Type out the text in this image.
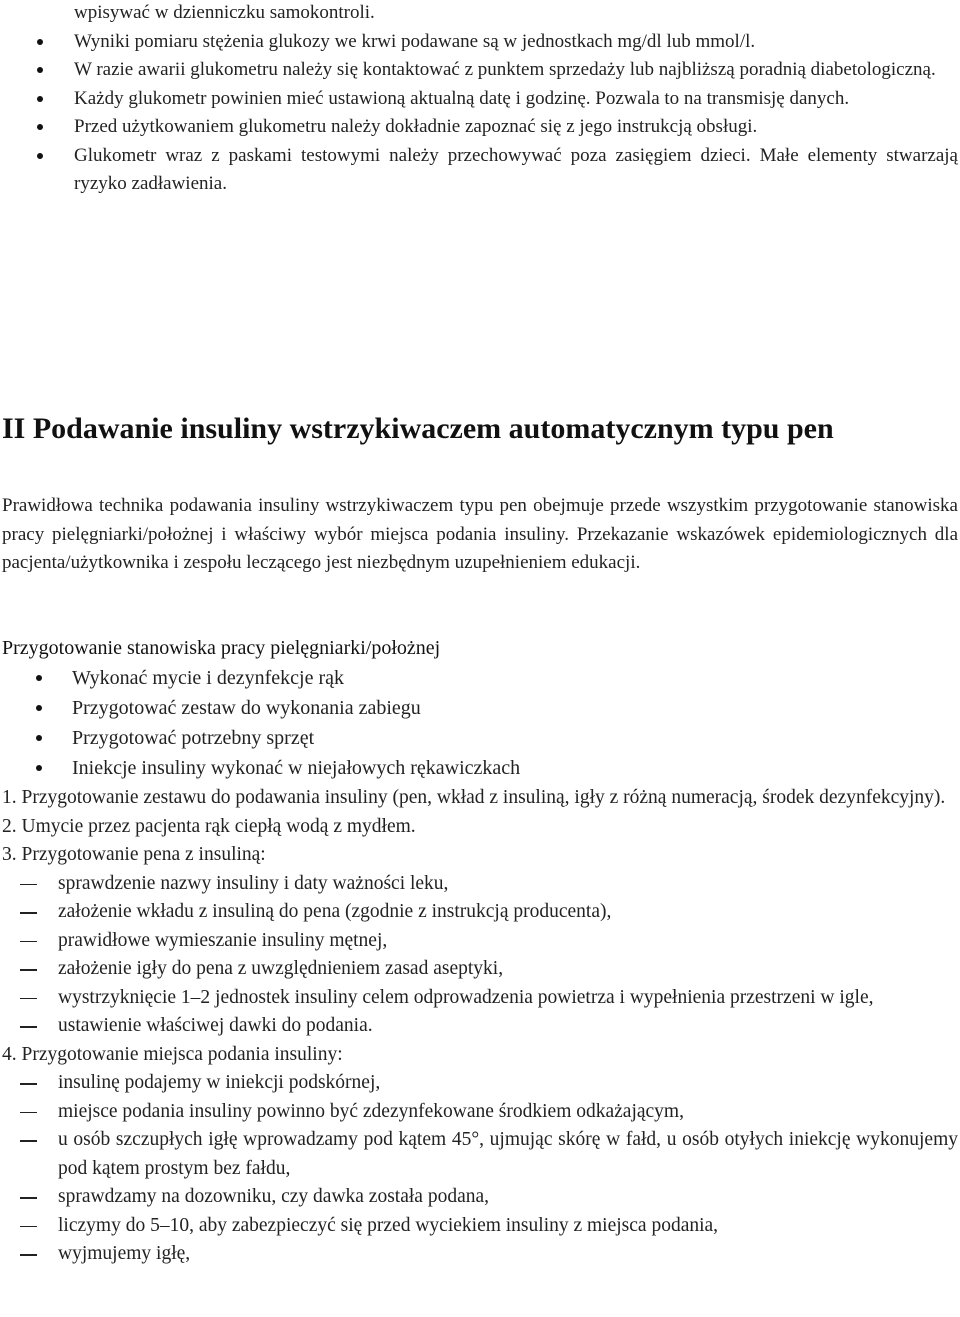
wpisywać w dzienniczku samokontroli.
Wyniki pomiaru stężenia glukozy we krwi podawane są w jednostkach mg/dl lub mmol/l.
W razie awarii glukometru należy się kontaktować z punktem sprzedaży lub najbliższą poradnią diabetologiczną.
Każdy glukometr powinien mieć ustawioną aktualną datę i godzinę. Pozwala to na transmisję danych.
Przed użytkowaniem glukometru należy dokładnie zapoznać się z jego instrukcją obsługi.
Glukometr wraz z paskami testowymi należy przechowywać poza zasięgiem dzieci. Małe elementy stwarzają ryzyko zadławienia.
II Podawanie insuliny wstrzykiwaczem automatycznym typu pen

Prawidłowa technika podawania insuliny wstrzykiwaczem typu pen obejmuje przede wszystkim przygotowanie stanowiska pracy pielęgniarki/położnej i właściwy wybór miejsca podania insuliny. Przekazanie wskazówek epidemiologicznych dla pacjenta/użytkownika i zespołu leczącego jest niezbędnym uzupełnieniem edukacji.

Przygotowanie stanowiska pracy pielęgniarki/położnej

Wykonać mycie i dezynfekcje rąk
Przygotować zestaw do wykonania zabiegu
Przygotować potrzebny sprzęt
Iniekcje insuliny wykonać w niejałowych rękawiczkach

1. Przygotowanie zestawu do podawania insuliny (pen, wkład z insuliną, igły z różną numeracją, środek dezynfekcyjny).

2. Umycie przez pacjenta rąk ciepłą wodą z mydłem.

3. Przygotowanie pena z insuliną:

sprawdzenie nazwy insuliny i daty ważności leku,
założenie wkładu z insuliną do pena (zgodnie z instrukcją producenta),
prawidłowe wymieszanie insuliny mętnej,
założenie igły do pena z uwzględnieniem zasad aseptyki,
wystrzyknięcie 1–2 jednostek insuliny celem odprowadzenia powietrza i wypełnienia przestrzeni w igle,
ustawienie właściwej dawki do podania.

4. Przygotowanie miejsca podania insuliny:

insulinę podajemy w iniekcji podskórnej,
miejsce podania insuliny powinno być zdezynfekowane środkiem odkażającym,
u osób szczupłych igłę wprowadzamy pod kątem 45°, ujmując skórę w fałd, u osób otyłych iniekcję wykonujemy pod kątem prostym bez fałdu,
sprawdzamy na dozowniku, czy dawka została podana,
liczymy do 5–10, aby zabezpieczyć się przed wyciekiem insuliny z miejsca podania,
wyjmujemy igłę,
